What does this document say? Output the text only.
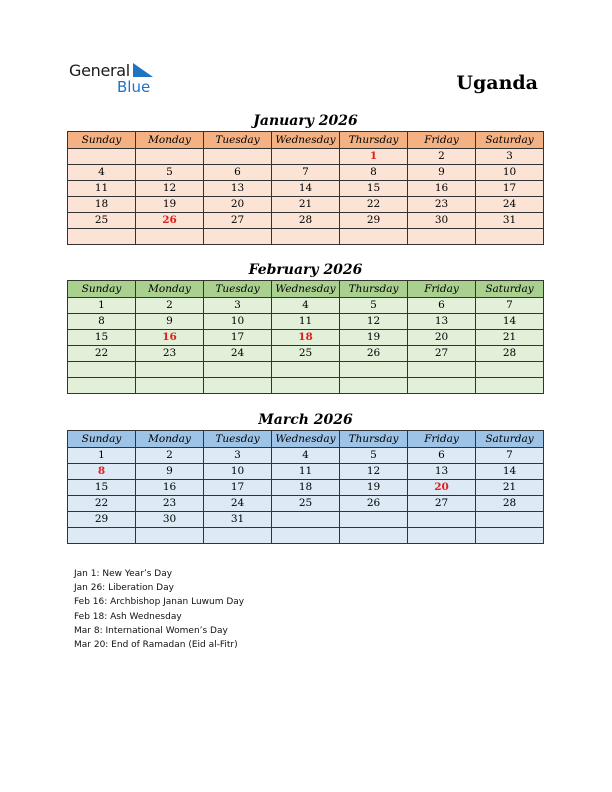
General
Blue	Uganda
January 2026
Sunday	Monday	Tuesday	Wednesday	Thursday	Friday	Saturday
				1	2	3
4	5	6	7	8	9	10
11	12	13	14	15	16	17
18	19	20	21	22	23	24
25	26	27	28	29	30	31

February 2026
Sunday	Monday	Tuesday	Wednesday	Thursday	Friday	Saturday
1	2	3	4	5	6	7
8	9	10	11	12	13	14
15	16	17	18	19	20	21
22	23	24	25	26	27	28

March 2026
Sunday	Monday	Tuesday	Wednesday	Thursday	Friday	Saturday
1	2	3	4	5	6	7
8	9	10	11	12	13	14
15	16	17	18	19	20	21
22	23	24	25	26	27	28
29	30	31				

Jan 1: New Year’s Day
Jan 26: Liberation Day
Feb 16: Archbishop Janan Luwum Day
Feb 18: Ash Wednesday
Mar 8: International Women’s Day
Mar 20: End of Ramadan (Eid al-Fitr)
